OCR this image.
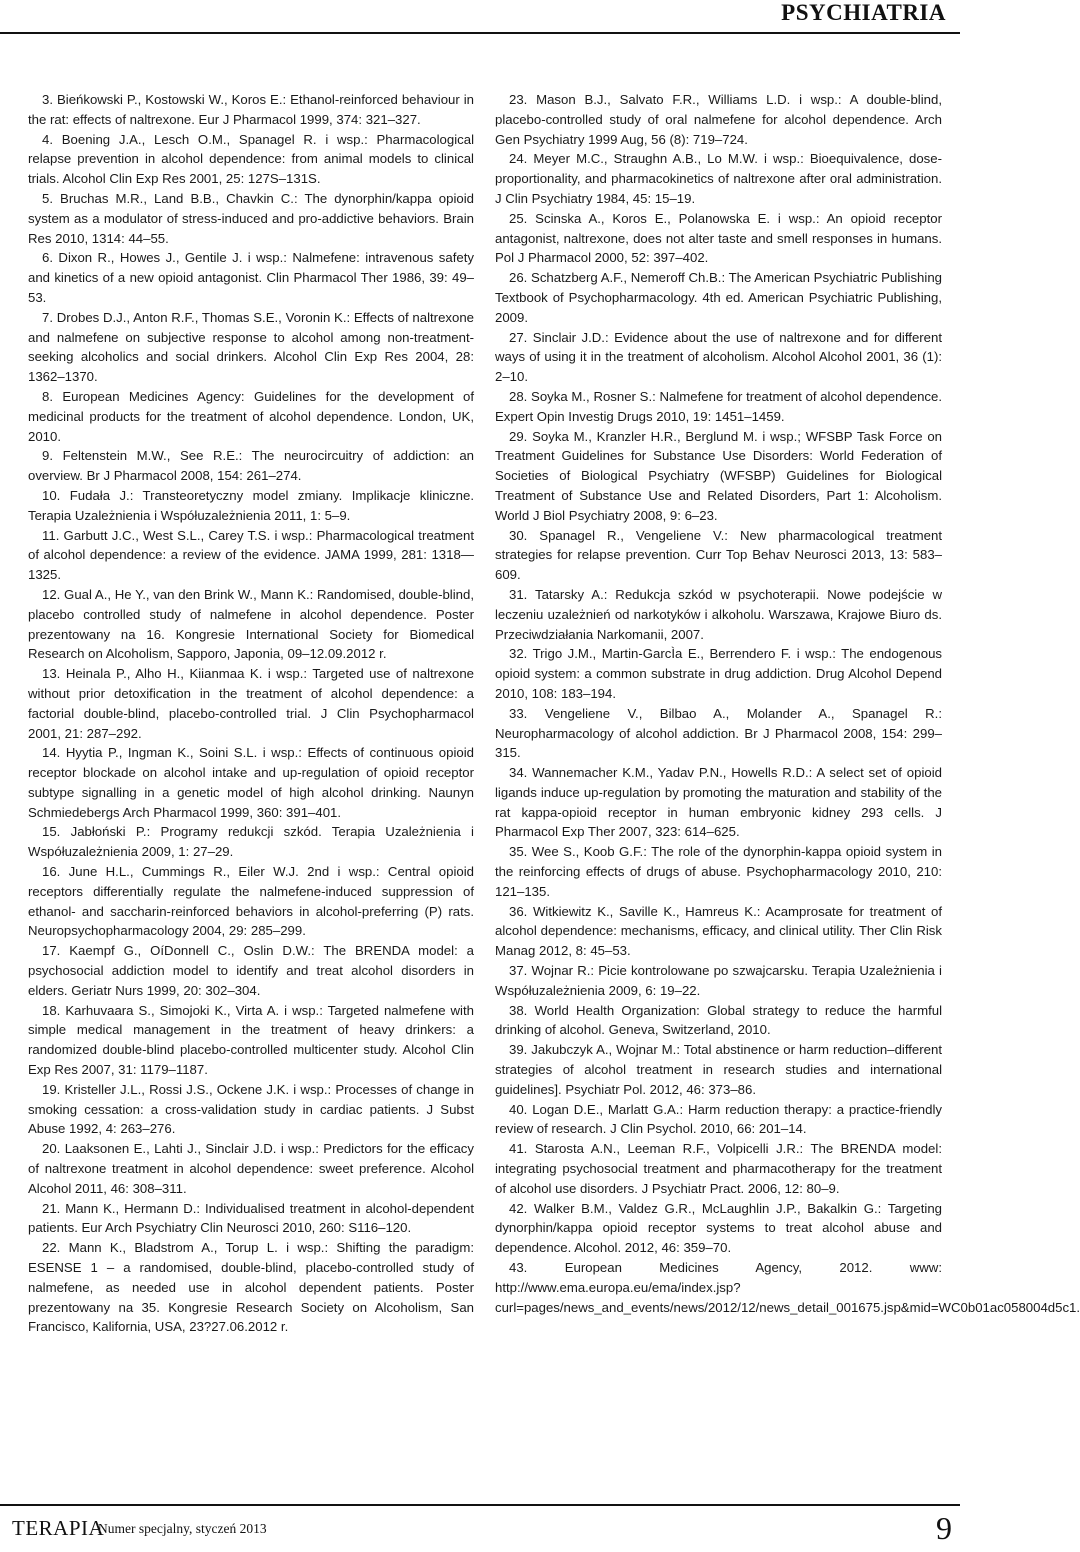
PSYCHIATRIA

3. Bieńkowski P., Kostowski W., Koros E.: Ethanol-reinforced behaviour in the rat: effects of naltrexone. Eur J Pharmacol 1999, 374: 321–327.

4. Boening J.A., Lesch O.M., Spanagel R. i wsp.: Pharmacological relapse prevention in alcohol dependence: from animal models to clinical trials. Alcohol Clin Exp Res 2001, 25: 127S–131S.

5. Bruchas M.R., Land B.B., Chavkin C.: The dynorphin/kappa opioid system as a modulator of stress-induced and pro-addictive behaviors. Brain Res 2010, 1314: 44–55.

6. Dixon R., Howes J., Gentile J. i wsp.: Nalmefene: intravenous safety and kinetics of a new opioid antagonist. Clin Pharmacol Ther 1986, 39: 49–53.

7. Drobes D.J., Anton R.F., Thomas S.E., Voronin K.: Effects of naltrexone and nalmefene on subjective response to alcohol among non-treatment-seeking alcoholics and social drinkers. Alcohol Clin Exp Res 2004, 28: 1362–1370.

8. European Medicines Agency: Guidelines for the development of medicinal products for the treatment of alcohol dependence. London, UK, 2010.

9. Feltenstein M.W., See R.E.: The neurocircuitry of addiction: an overview. Br J Pharmacol 2008, 154: 261–274.

10. Fudała J.: Transteoretyczny model zmiany. Implikacje kliniczne. Terapia Uzależnienia i Współuzależnienia 2011, 1: 5–9.

11. Garbutt J.C., West S.L., Carey T.S. i wsp.: Pharmacological treatment of alcohol dependence: a review of the evidence. JAMA 1999, 281: 1318—1325.

12. Gual A., He Y., van den Brink W., Mann K.: Randomised, double-blind, placebo controlled study of nalmefene in alcohol dependence. Poster prezentowany na 16. Kongresie International Society for Biomedical Research on Alcoholism, Sapporo, Japonia, 09–12.09.2012 r.

13. Heinala P., Alho H., Kiianmaa K. i wsp.: Targeted use of naltrexone without prior detoxification in the treatment of alcohol dependence: a factorial double-blind, placebo-controlled trial. J Clin Psychopharmacol 2001, 21: 287–292.

14. Hyytia P., Ingman K., Soini S.L. i wsp.: Effects of continuous opioid receptor blockade on alcohol intake and up-regulation of opioid receptor subtype signalling in a genetic model of high alcohol drinking. Naunyn Schmiedebergs Arch Pharmacol 1999, 360: 391–401.

15. Jabłoński P.: Programy redukcji szkód. Terapia Uzależnienia i Współuzależnienia 2009, 1: 27–29.

16. June H.L., Cummings R., Eiler W.J. 2nd i wsp.: Central opioid receptors differentially regulate the nalmefene-induced suppression of ethanol- and saccharin-reinforced behaviors in alcohol-preferring (P) rats. Neuropsychopharmacology 2004, 29: 285–299.

17. Kaempf G., OíDonnell C., Oslin D.W.: The BRENDA model: a psychosocial addiction model to identify and treat alcohol disorders in elders. Geriatr Nurs 1999, 20: 302–304.

18. Karhuvaara S., Simojoki K., Virta A. i wsp.: Targeted nalmefene with simple medical management in the treatment of heavy drinkers: a randomized double-blind placebo-controlled multicenter study. Alcohol Clin Exp Res 2007, 31: 1179–1187.

19. Kristeller J.L., Rossi J.S., Ockene J.K. i wsp.: Processes of change in smoking cessation: a cross-validation study in cardiac patients. J Subst Abuse 1992, 4: 263–276.

20. Laaksonen E., Lahti J., Sinclair J.D. i wsp.: Predictors for the efficacy of naltrexone treatment in alcohol dependence: sweet preference. Alcohol Alcohol 2011, 46: 308–311.

21. Mann K., Hermann D.: Individualised treatment in alcohol-dependent patients. Eur Arch Psychiatry Clin Neurosci 2010, 260: S116–120.

22. Mann K., Bladstrom A., Torup L. i wsp.: Shifting the paradigm: ESENSE 1 – a randomised, double-blind, placebo-controlled study of nalmefene, as needed use in alcohol dependent patients. Poster prezentowany na 35. Kongresie Research Society on Alcoholism, San Francisco, Kalifornia, USA, 23?27.06.2012 r.

23. Mason B.J., Salvato F.R., Williams L.D. i wsp.: A double-blind, placebo-controlled study of oral nalmefene for alcohol dependence. Arch Gen Psychiatry 1999 Aug, 56 (8): 719–724.

24. Meyer M.C., Straughn A.B., Lo M.W. i wsp.: Bioequivalence, dose-proportionality, and pharmacokinetics of naltrexone after oral administration. J Clin Psychiatry 1984, 45: 15–19.

25. Scinska A., Koros E., Polanowska E. i wsp.: An opioid receptor antagonist, naltrexone, does not alter taste and smell responses in humans. Pol J Pharmacol 2000, 52: 397–402.

26. Schatzberg A.F., Nemeroff Ch.B.: The American Psychiatric Publishing Textbook of Psychopharmacology. 4th ed. American Psychiatric Publishing, 2009.

27. Sinclair J.D.: Evidence about the use of naltrexone and for different ways of using it in the treatment of alcoholism. Alcohol Alcohol 2001, 36 (1): 2–10.

28. Soyka M., Rosner S.: Nalmefene for treatment of alcohol dependence. Expert Opin Investig Drugs 2010, 19: 1451–1459.

29. Soyka M., Kranzler H.R., Berglund M. i wsp.; WFSBP Task Force on Treatment Guidelines for Substance Use Disorders: World Federation of Societies of Biological Psychiatry (WFSBP) Guidelines for Biological Treatment of Substance Use and Related Disorders, Part 1: Alcoholism. World J Biol Psychiatry 2008, 9: 6–23.

30. Spanagel R., Vengeliene V.: New pharmacological treatment strategies for relapse prevention. Curr Top Behav Neurosci 2013, 13: 583–609.

31. Tatarsky A.: Redukcja szkód w psychoterapii. Nowe podejście w leczeniu uzależnień od narkotyków i alkoholu. Warszawa, Krajowe Biuro ds. Przeciwdziałania Narkomanii, 2007.

32. Trigo J.M., Martin-GarcÌa E., Berrendero F. i wsp.: The endogenous opioid system: a common substrate in drug addiction. Drug Alcohol Depend 2010, 108: 183–194.

33. Vengeliene V., Bilbao A., Molander A., Spanagel R.: Neuropharmacology of alcohol addiction. Br J Pharmacol 2008, 154: 299–315.

34. Wannemacher K.M., Yadav P.N., Howells R.D.: A select set of opioid ligands induce up-regulation by promoting the maturation and stability of the rat kappa-opioid receptor in human embryonic kidney 293 cells. J Pharmacol Exp Ther 2007, 323: 614–625.

35. Wee S., Koob G.F.: The role of the dynorphin-kappa opioid system in the reinforcing effects of drugs of abuse. Psychopharmacology 2010, 210: 121–135.

36. Witkiewitz K., Saville K., Hamreus K.: Acamprosate for treatment of alcohol dependence: mechanisms, efficacy, and clinical utility. Ther Clin Risk Manag 2012, 8: 45–53.

37. Wojnar R.: Picie kontrolowane po szwajcarsku. Terapia Uzależnienia i Współuzależnienia 2009, 6: 19–22.

38. World Health Organization: Global strategy to reduce the harmful drinking of alcohol. Geneva, Switzerland, 2010.

39. Jakubczyk A., Wojnar M.: Total abstinence or harm reduction–different strategies of alcohol treatment in research studies and international guidelines]. Psychiatr Pol. 2012, 46: 373–86.

40. Logan D.E., Marlatt G.A.: Harm reduction therapy: a practice-friendly review of research. J Clin Psychol. 2010, 66: 201–14.

41. Starosta A.N., Leeman R.F., Volpicelli J.R.: The BRENDA model: integrating psychosocial treatment and pharmacotherapy for the treatment of alcohol use disorders. J Psychiatr Pract. 2006, 12: 80–9.

42. Walker B.M., Valdez G.R., McLaughlin J.P., Bakalkin G.: Targeting dynorphin/kappa opioid receptor systems to treat alcohol abuse and dependence. Alcohol. 2012, 46: 359–70.

43. European Medicines Agency, 2012. www: http://www.ema.europa.eu/ema/index.jsp?curl=pages/news_and_events/news/2012/12/news_detail_001675.jsp&mid=WC0b01ac058004d5c1.

TERAPIA
Numer specjalny, styczeń 2013	9
